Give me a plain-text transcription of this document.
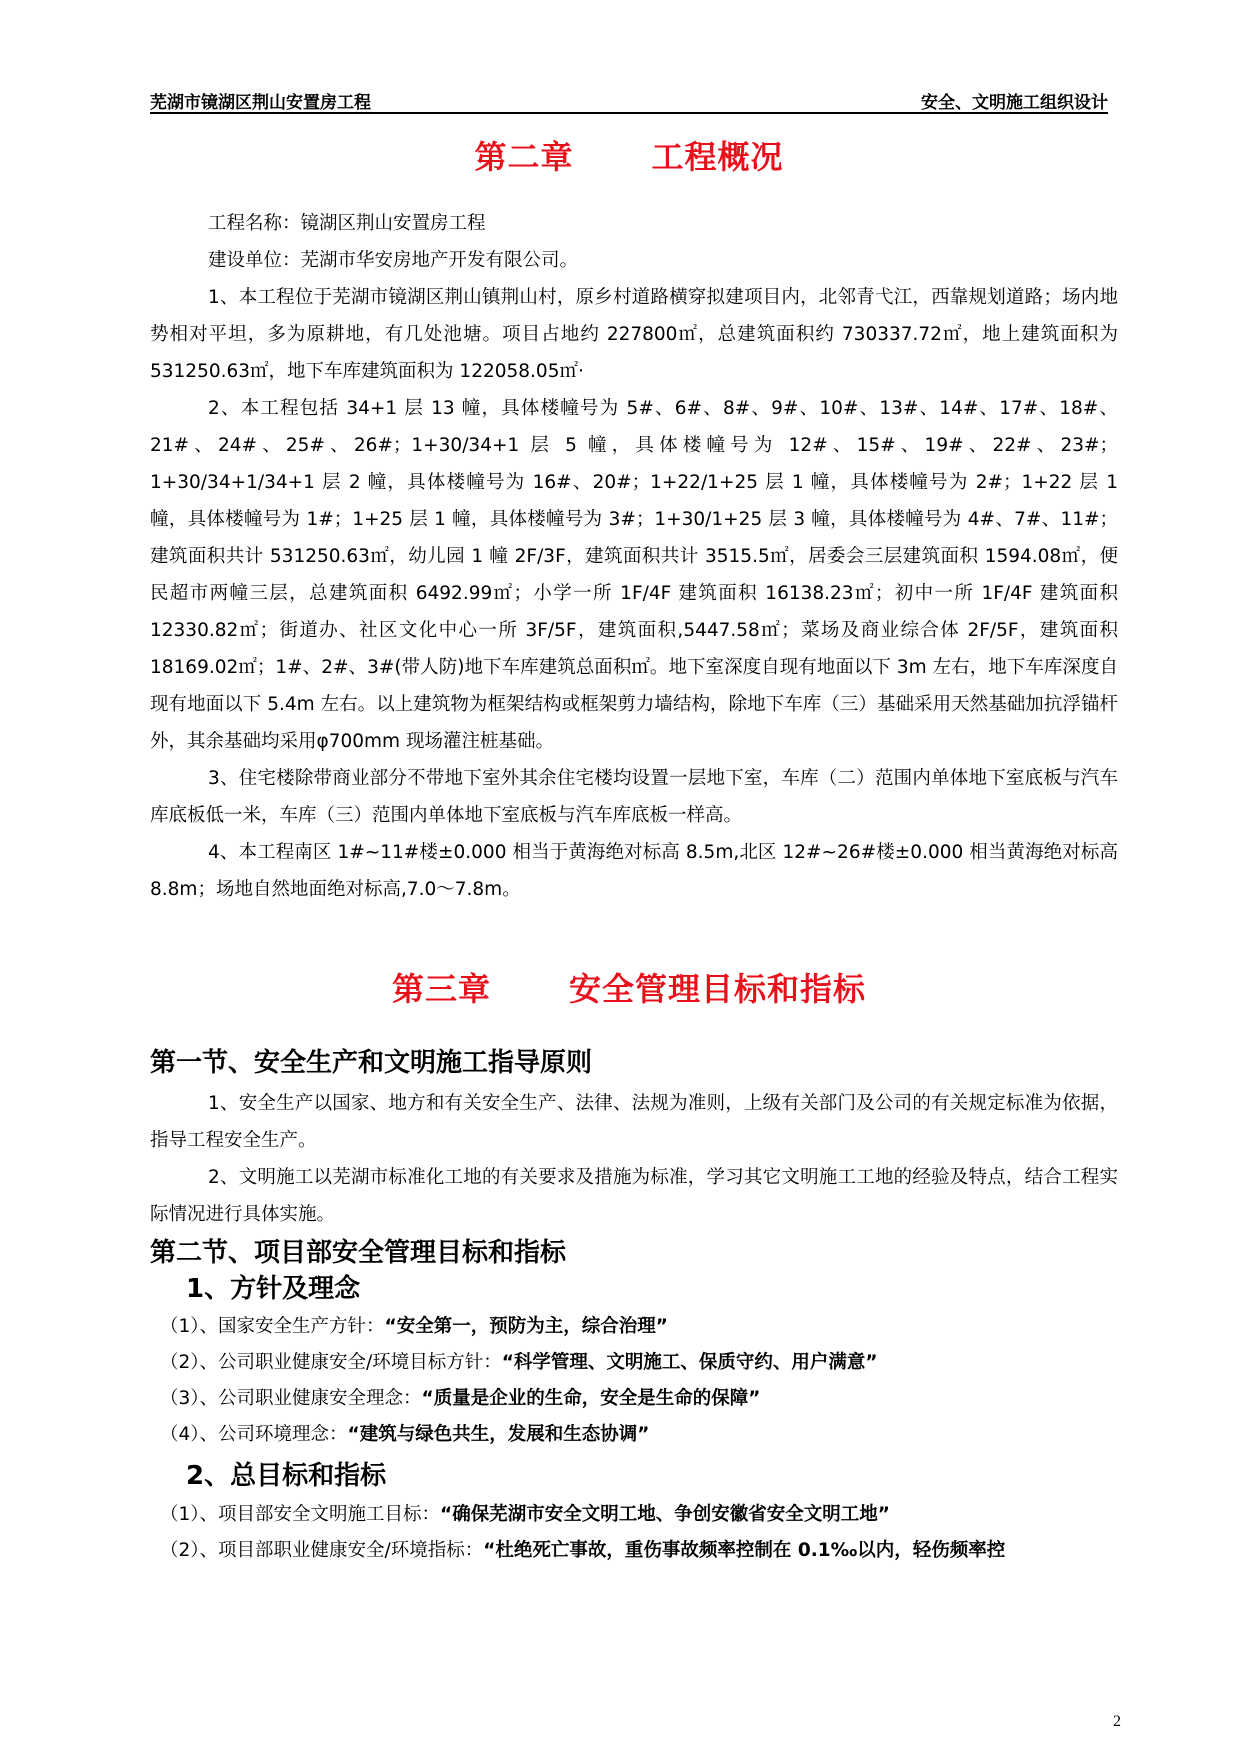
芜湖市镜湖区荆山安置房工程	安全、文明施工组织设计
第二章 工程概况

工程名称：镜湖区荆山安置房工程

建设单位：芜湖市华安房地产开发有限公司。

1、本工程位于芜湖市镜湖区荆山镇荆山村，原乡村道路横穿拟建项目内，北邻青弋江，西靠规划道路；场内地势相对平坦，多为原耕地，有几处池塘。项目占地约 227800㎡，总建筑面积约 730337.72㎡，地上建筑面积为 531250.63㎡，地下车库建筑面积为 122058.05㎡·

2、本工程包括 34+1 层 13 幢，具体楼幢号为 5#、6#、8#、9#、10#、13#、14#、17#、18#、21#、24#、25#、26#；1+30/34+1 层 5 幢，具体楼幢号为 12#、15#、19#、22#、23#；1+30/34+1/34+1 层 2 幢，具体楼幢号为 16#、20#；1+22/1+25 层 1 幢，具体楼幢号为 2#；1+22 层 1 幢，具体楼幢号为 1#；1+25 层 1 幢，具体楼幢号为 3#；1+30/1+25 层 3 幢，具体楼幢号为 4#、7#、11#；建筑面积共计 531250.63㎡，幼儿园 1 幢 2F/3F，建筑面积共计 3515.5㎡，居委会三层建筑面积 1594.08㎡，便民超市两幢三层，总建筑面积 6492.99㎡；小学一所 1F/4F 建筑面积 16138.23㎡；初中一所 1F/4F 建筑面积 12330.82㎡；街道办、社区文化中心一所 3F/5F，建筑面积,5447.58㎡；菜场及商业综合体 2F/5F，建筑面积 18169.02㎡；1#、2#、3#(带人防)地下车库建筑总面积㎡。地下室深度自现有地面以下 3m 左右，地下车库深度自现有地面以下 5.4m 左右。以上建筑物为框架结构或框架剪力墙结构，除地下车库（三）基础采用天然基础加抗浮锚杆外，其余基础均采用φ700mm 现场灌注桩基础。

3、住宅楼除带商业部分不带地下室外其余住宅楼均设置一层地下室，车库（二）范围内单体地下室底板与汽车库底板低一米，车库（三）范围内单体地下室底板与汽车库底板一样高。

4、本工程南区 1#~11#楼±0.000 相当于黄海绝对标高 8.5m,北区 12#~26#楼±0.000 相当黄海绝对标高 8.8m；场地自然地面绝对标高,7.0～7.8m。

第三章 安全管理目标和指标
第一节、安全生产和文明施工指导原则

1、安全生产以国家、地方和有关安全生产、法律、法规为准则，上级有关部门及公司的有关规定标准为依据，指导工程安全生产。

2、文明施工以芜湖市标准化工地的有关要求及措施为标准，学习其它文明施工工地的经验及特点，结合工程实际情况进行具体实施。

第二节、项目部安全管理目标和指标
1、方针及理念
（1）、国家安全生产方针：“安全第一，预防为主，综合治理”
（2）、公司职业健康安全/环境目标方针：“科学管理、文明施工、保质守约、用户满意”
（3）、公司职业健康安全理念：“质量是企业的生命，安全是生命的保障”
（4）、公司环境理念：“建筑与绿色共生，发展和生态协调”
2、总目标和指标
（1）、项目部安全文明施工目标：“确保芜湖市安全文明工地、争创安徽省安全文明工地”
（2）、项目部职业健康安全/环境指标：“杜绝死亡事故，重伤事故频率控制在 0.1‰以内，轻伤频率控
2
